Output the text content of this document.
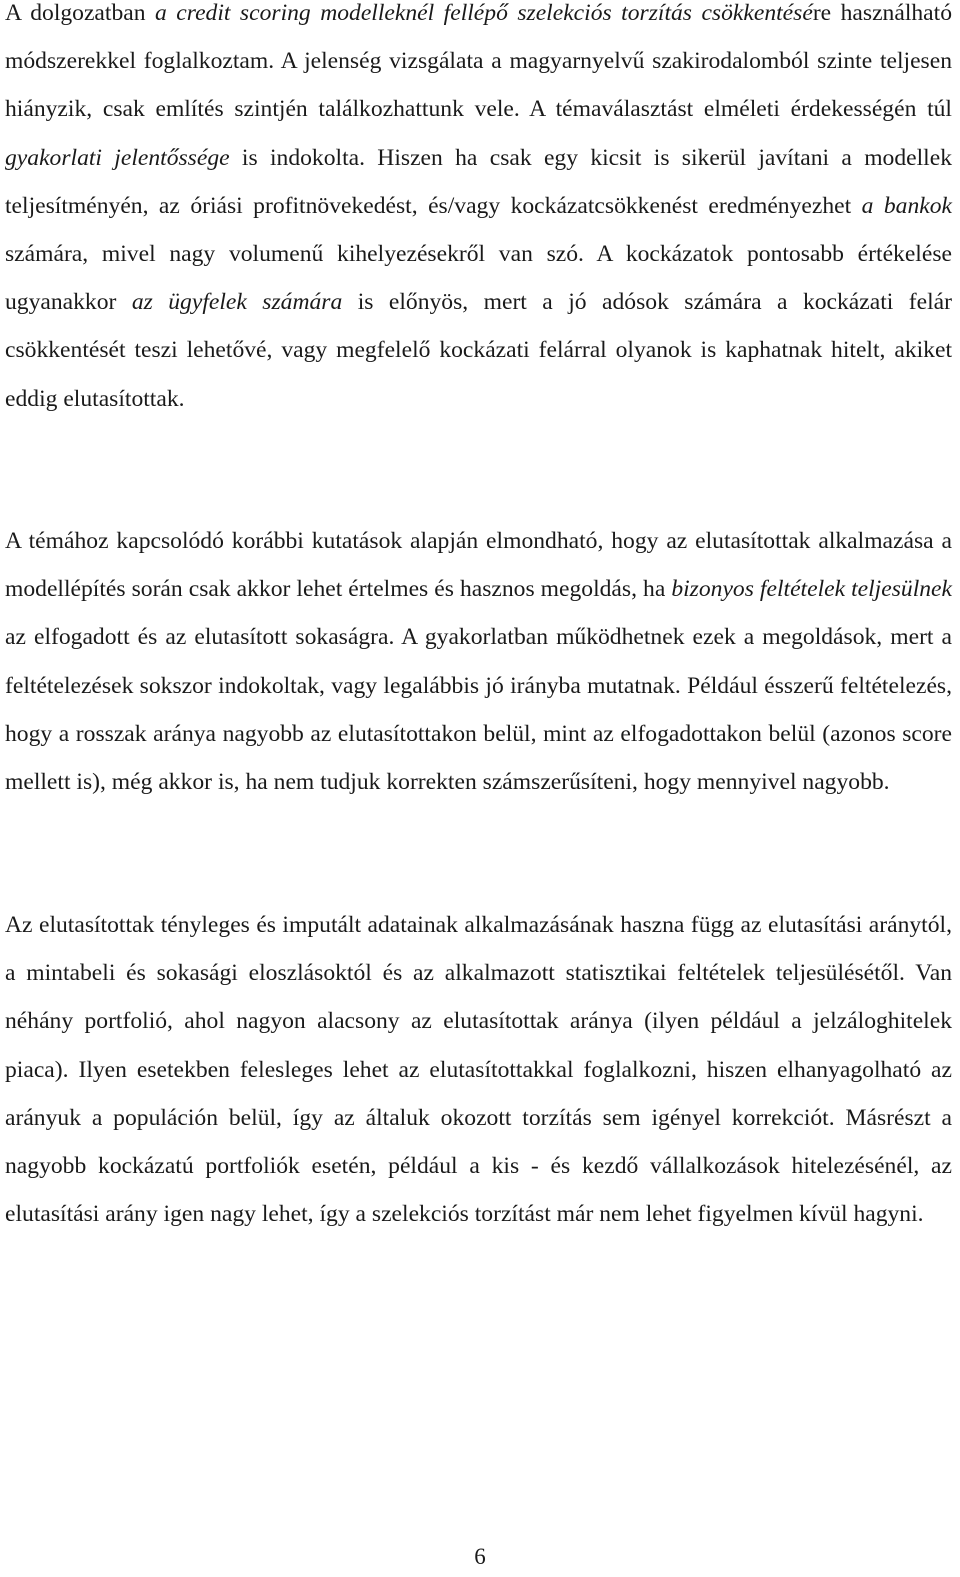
A dolgozatban a credit scoring modelleknél fellépő szelekciós torzítás csökkentésére használható módszerekkel foglalkoztam. A jelenség vizsgálata a magyarnyelvű szakirodalomból szinte teljesen hiányzik, csak említés szintjén találkozhattunk vele. A témaválasztást elméleti érdekességén túl gyakorlati jelentőssége is indokolta. Hiszen ha csak egy kicsit is sikerül javítani a modellek teljesítményén, az óriási profitnövekedést, és/vagy kockázatcsökkenést eredményezhet a bankok számára, mivel nagy volumenű kihelyezésekről van szó. A kockázatok pontosabb értékelése ugyanakkor az ügyfelek számára is előnyös, mert a jó adósok számára a kockázati felár csökkentését teszi lehetővé, vagy megfelelő kockázati felárral olyanok is kaphatnak hitelt, akiket eddig elutasítottak.

A témához kapcsolódó korábbi kutatások alapján elmondható, hogy az elutasítottak alkalmazása a modellépítés során csak akkor lehet értelmes és hasznos megoldás, ha bizonyos feltételek teljesülnek az elfogadott és az elutasított sokaságra. A gyakorlatban működhetnek ezek a megoldások, mert a feltételezések sokszor indokoltak, vagy legalábbis jó irányba mutatnak. Például ésszerű feltételezés, hogy a rosszak aránya nagyobb az elutasítottakon belül, mint az elfogadottakon belül (azonos score mellett is), még akkor is, ha nem tudjuk korrekten számszerűsíteni, hogy mennyivel nagyobb.

Az elutasítottak tényleges és imputált adatainak alkalmazásának haszna függ az elutasítási aránytól, a mintabeli és sokasági eloszlásoktól és az alkalmazott statisztikai feltételek teljesülésétől. Van néhány portfolió, ahol nagyon alacsony az elutasítottak aránya (ilyen például a jelzáloghitelek piaca). Ilyen esetekben felesleges lehet az elutasítottakkal foglalkozni, hiszen elhanyagolható az arányuk a populáción belül, így az általuk okozott torzítás sem igényel korrekciót. Másrészt a nagyobb kockázatú portfoliók esetén, például a kis - és kezdő vállalkozások hitelezésénél, az elutasítási arány igen nagy lehet, így a szelekciós torzítást már nem lehet figyelmen kívül hagyni.

6
